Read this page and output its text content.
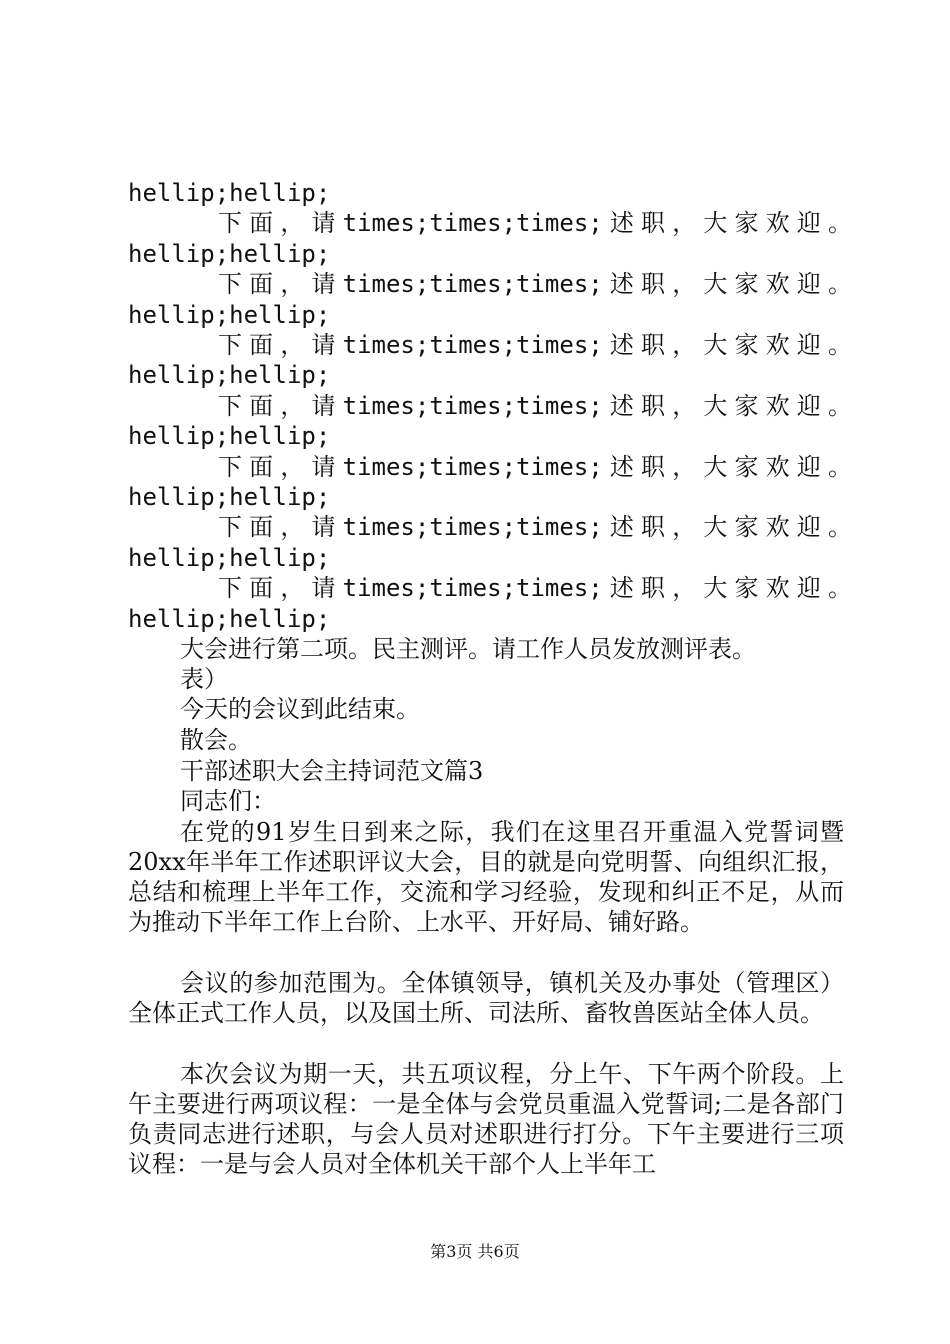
hellip;hellip;
下 面 ， 请 times;times;times; 述 职 ， 大 家 欢 迎 。
hellip;hellip;
下 面 ， 请 times;times;times; 述 职 ， 大 家 欢 迎 。
hellip;hellip;
下 面 ， 请 times;times;times; 述 职 ， 大 家 欢 迎 。
hellip;hellip;
下 面 ， 请 times;times;times; 述 职 ， 大 家 欢 迎 。
hellip;hellip;
下 面 ， 请 times;times;times; 述 职 ， 大 家 欢 迎 。
hellip;hellip;
下 面 ， 请 times;times;times; 述 职 ， 大 家 欢 迎 。
hellip;hellip;
下 面 ， 请 times;times;times; 述 职 ， 大 家 欢 迎 。
hellip;hellip;
大会进行第二项。民主测评。请工作人员发放测评表。
表）
今天的会议到此结束。
散会。
干部述职大会主持词范文篇3
同志们：
在党的91岁生日到来之际，我们在这里召开重温入党誓词暨20xx年半年工作述职评议大会，目的就是向党明誓、向组织汇报，总结和梳理上半年工作，交流和学习经验，发现和纠正不足，从而为推动下半年工作上台阶、上水平、开好局、铺好路。
会议的参加范围为。全体镇领导，镇机关及办事处（管理区）全体正式工作人员，以及国土所、司法所、畜牧兽医站全体人员。
本次会议为期一天，共五项议程，分上午、下午两个阶段。上午主要进行两项议程：一是全体与会党员重温入党誓词;二是各部门负责同志进行述职，与会人员对述职进行打分。下午主要进行三项议程：一是与会人员对全体机关干部个人上半年工
第3页 共6页
